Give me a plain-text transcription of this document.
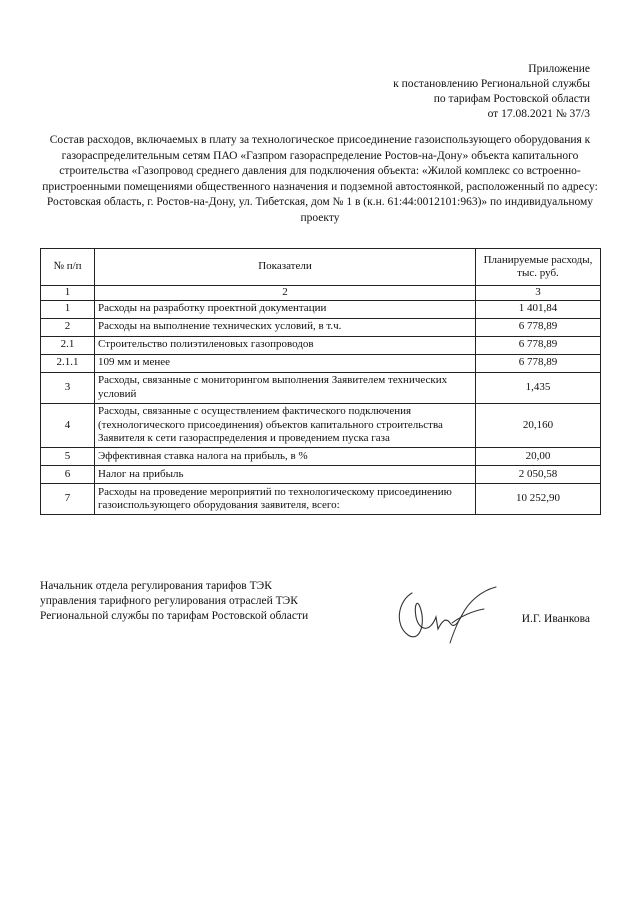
Приложение
к постановлению Региональной службы
по тарифам Ростовской области
от 17.08.2021 № 37/3
Состав расходов, включаемых в плату за технологическое присоединение газоиспользующего оборудования к газораспределительным сетям ПАО «Газпром газораспределение Ростов-на-Дону» объекта капитального строительства «Газопровод среднего давления для подключения объекта: «Жилой комплекс со встроенно-пристроенными помещениями общественного назначения и подземной автостоянкой, расположенный по адресу: Ростовская область, г. Ростов-на-Дону, ул. Тибетская, дом № 1 в (к.н. 61:44:0012101:963)» по индивидуальному проекту
№ п/п	Показатели	Планируемые расходы, тыс. руб.
1	2	3
1	Расходы на разработку проектной документации	1 401,84
2	Расходы на выполнение технических условий, в т.ч.	6 778,89
2.1	Строительство полиэтиленовых газопроводов	6 778,89
2.1.1	109 мм и менее	6 778,89
3	Расходы, связанные с мониторингом выполнения Заявителем технических условий	1,435
4	Расходы, связанные с осуществлением фактического подключения (технологического присоединения) объектов капитального строительства Заявителя к сети газораспределения и проведением пуска газа	20,160
5	Эффективная ставка налога на прибыль, в %	20,00
6	Налог на прибыль	2 050,58
7	Расходы на проведение мероприятий по технологическому присоединению газоиспользующего оборудования заявителя, всего:	10 252,90
Начальник отдела регулирования тарифов ТЭК
управления тарифного регулирования отраслей ТЭК
Региональной службы по тарифам Ростовской области	И.Г. Иванкова
